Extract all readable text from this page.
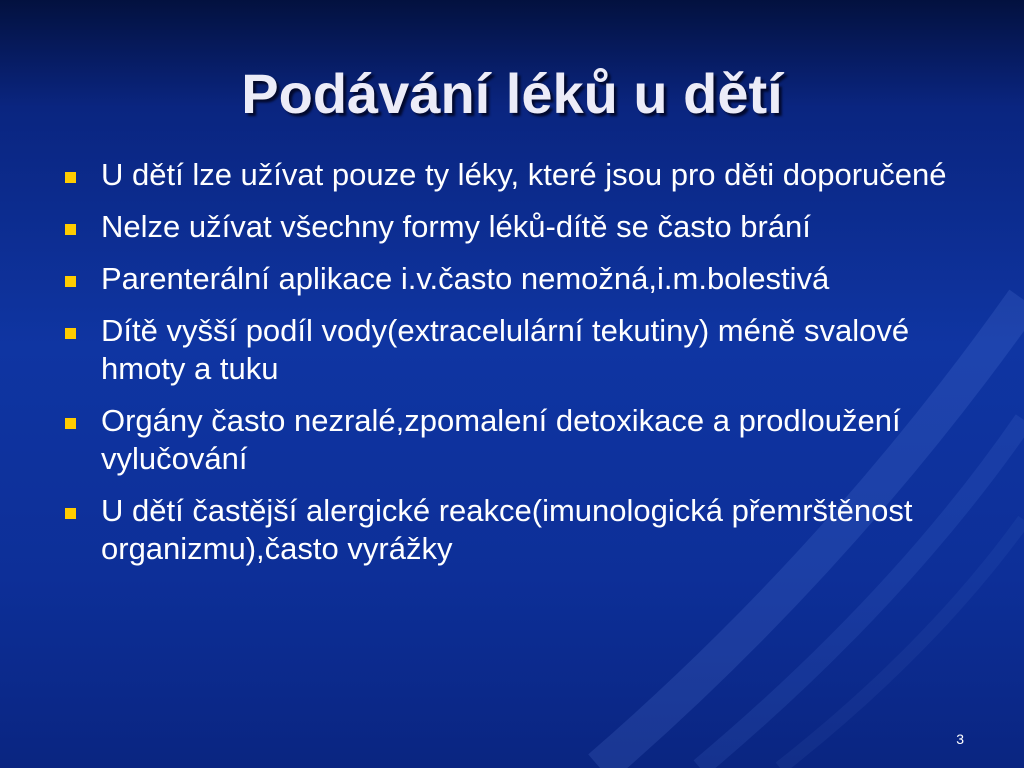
Podávání léků u dětí
U dětí lze užívat pouze ty léky, které jsou pro děti doporučené
Nelze užívat všechny formy léků-dítě se často brání
Parenterální aplikace i.v.často nemožná,i.m.bolestivá
Dítě vyšší podíl vody(extracelulární tekutiny) méně svalové hmoty a tuku
Orgány často nezralé,zpomalení detoxikace a prodloužení vylučování
U dětí častější alergické reakce(imunologická přemrštěnost organizmu),často vyrážky
3
